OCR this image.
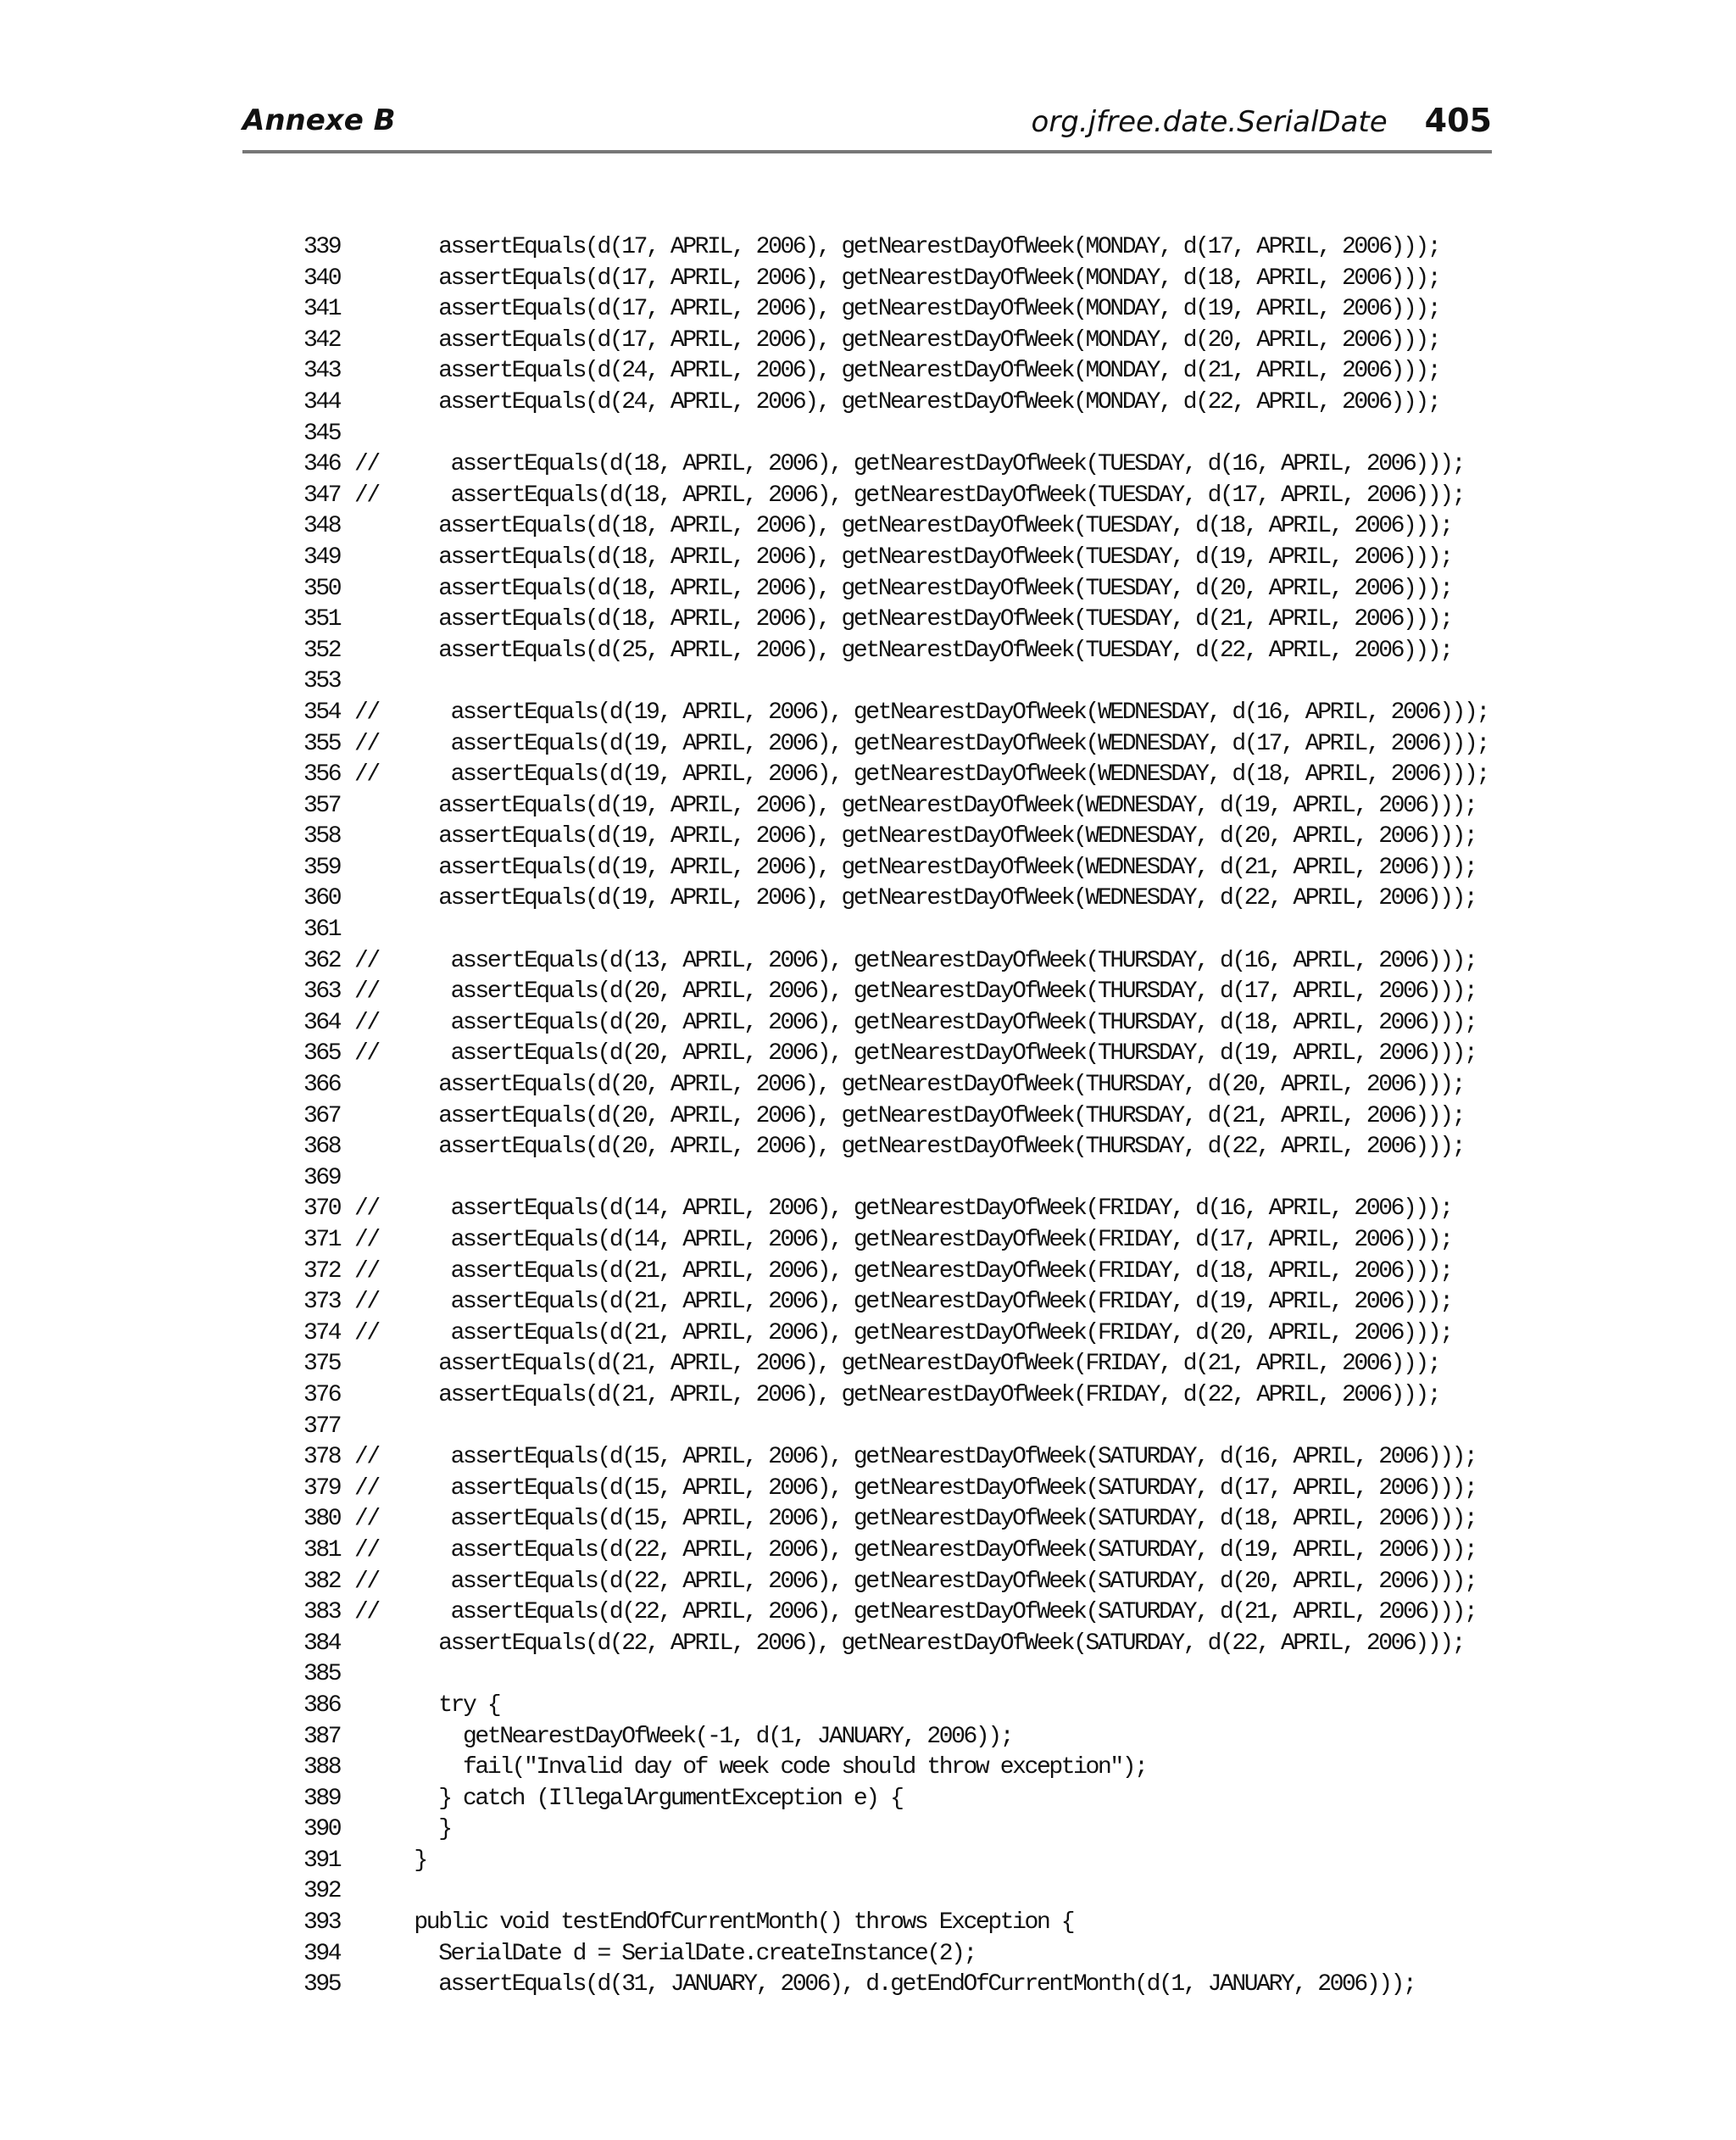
Annexe B	org.jfree.date.SerialDate 405
339	assertEquals(d(17, APRIL, 2006), getNearestDayOfWeek(MONDAY, d(17, APRIL, 2006)));
340	assertEquals(d(17, APRIL, 2006), getNearestDayOfWeek(MONDAY, d(18, APRIL, 2006)));
341	assertEquals(d(17, APRIL, 2006), getNearestDayOfWeek(MONDAY, d(19, APRIL, 2006)));
342	assertEquals(d(17, APRIL, 2006), getNearestDayOfWeek(MONDAY, d(20, APRIL, 2006)));
343	assertEquals(d(24, APRIL, 2006), getNearestDayOfWeek(MONDAY, d(21, APRIL, 2006)));
344	assertEquals(d(24, APRIL, 2006), getNearestDayOfWeek(MONDAY, d(22, APRIL, 2006)));
345
346 //    assertEquals(d(18, APRIL, 2006), getNearestDayOfWeek(TUESDAY, d(16, APRIL, 2006)));
347 //    assertEquals(d(18, APRIL, 2006), getNearestDayOfWeek(TUESDAY, d(17, APRIL, 2006)));
348	assertEquals(d(18, APRIL, 2006), getNearestDayOfWeek(TUESDAY, d(18, APRIL, 2006)));
349	assertEquals(d(18, APRIL, 2006), getNearestDayOfWeek(TUESDAY, d(19, APRIL, 2006)));
350	assertEquals(d(18, APRIL, 2006), getNearestDayOfWeek(TUESDAY, d(20, APRIL, 2006)));
351	assertEquals(d(18, APRIL, 2006), getNearestDayOfWeek(TUESDAY, d(21, APRIL, 2006)));
352	assertEquals(d(25, APRIL, 2006), getNearestDayOfWeek(TUESDAY, d(22, APRIL, 2006)));
353
354 //    assertEquals(d(19, APRIL, 2006), getNearestDayOfWeek(WEDNESDAY, d(16, APRIL, 2006)));
355 //    assertEquals(d(19, APRIL, 2006), getNearestDayOfWeek(WEDNESDAY, d(17, APRIL, 2006)));
356 //    assertEquals(d(19, APRIL, 2006), getNearestDayOfWeek(WEDNESDAY, d(18, APRIL, 2006)));
357	assertEquals(d(19, APRIL, 2006), getNearestDayOfWeek(WEDNESDAY, d(19, APRIL, 2006)));
358	assertEquals(d(19, APRIL, 2006), getNearestDayOfWeek(WEDNESDAY, d(20, APRIL, 2006)));
359	assertEquals(d(19, APRIL, 2006), getNearestDayOfWeek(WEDNESDAY, d(21, APRIL, 2006)));
360	assertEquals(d(19, APRIL, 2006), getNearestDayOfWeek(WEDNESDAY, d(22, APRIL, 2006)));
361
362 //    assertEquals(d(13, APRIL, 2006), getNearestDayOfWeek(THURSDAY, d(16, APRIL, 2006)));
363 //    assertEquals(d(20, APRIL, 2006), getNearestDayOfWeek(THURSDAY, d(17, APRIL, 2006)));
364 //    assertEquals(d(20, APRIL, 2006), getNearestDayOfWeek(THURSDAY, d(18, APRIL, 2006)));
365 //    assertEquals(d(20, APRIL, 2006), getNearestDayOfWeek(THURSDAY, d(19, APRIL, 2006)));
366	assertEquals(d(20, APRIL, 2006), getNearestDayOfWeek(THURSDAY, d(20, APRIL, 2006)));
367	assertEquals(d(20, APRIL, 2006), getNearestDayOfWeek(THURSDAY, d(21, APRIL, 2006)));
368	assertEquals(d(20, APRIL, 2006), getNearestDayOfWeek(THURSDAY, d(22, APRIL, 2006)));
369
370 //    assertEquals(d(14, APRIL, 2006), getNearestDayOfWeek(FRIDAY, d(16, APRIL, 2006)));
371 //    assertEquals(d(14, APRIL, 2006), getNearestDayOfWeek(FRIDAY, d(17, APRIL, 2006)));
372 //    assertEquals(d(21, APRIL, 2006), getNearestDayOfWeek(FRIDAY, d(18, APRIL, 2006)));
373 //    assertEquals(d(21, APRIL, 2006), getNearestDayOfWeek(FRIDAY, d(19, APRIL, 2006)));
374 //    assertEquals(d(21, APRIL, 2006), getNearestDayOfWeek(FRIDAY, d(20, APRIL, 2006)));
375	assertEquals(d(21, APRIL, 2006), getNearestDayOfWeek(FRIDAY, d(21, APRIL, 2006)));
376	assertEquals(d(21, APRIL, 2006), getNearestDayOfWeek(FRIDAY, d(22, APRIL, 2006)));
377
378 //    assertEquals(d(15, APRIL, 2006), getNearestDayOfWeek(SATURDAY, d(16, APRIL, 2006)));
379 //    assertEquals(d(15, APRIL, 2006), getNearestDayOfWeek(SATURDAY, d(17, APRIL, 2006)));
380 //    assertEquals(d(15, APRIL, 2006), getNearestDayOfWeek(SATURDAY, d(18, APRIL, 2006)));
381 //    assertEquals(d(22, APRIL, 2006), getNearestDayOfWeek(SATURDAY, d(19, APRIL, 2006)));
382 //    assertEquals(d(22, APRIL, 2006), getNearestDayOfWeek(SATURDAY, d(20, APRIL, 2006)));
383 //    assertEquals(d(22, APRIL, 2006), getNearestDayOfWeek(SATURDAY, d(21, APRIL, 2006)));
384	assertEquals(d(22, APRIL, 2006), getNearestDayOfWeek(SATURDAY, d(22, APRIL, 2006)));
385
386	try {
387	getNearestDayOfWeek(-1, d(1, JANUARY, 2006));
388	fail("Invalid day of week code should throw exception");
389	} catch (IllegalArgumentException e) {
390	}
391	}
392
393	public void testEndOfCurrentMonth() throws Exception {
394	SerialDate d = SerialDate.createInstance(2);
395	assertEquals(d(31, JANUARY, 2006), d.getEndOfCurrentMonth(d(1, JANUARY, 2006)));
